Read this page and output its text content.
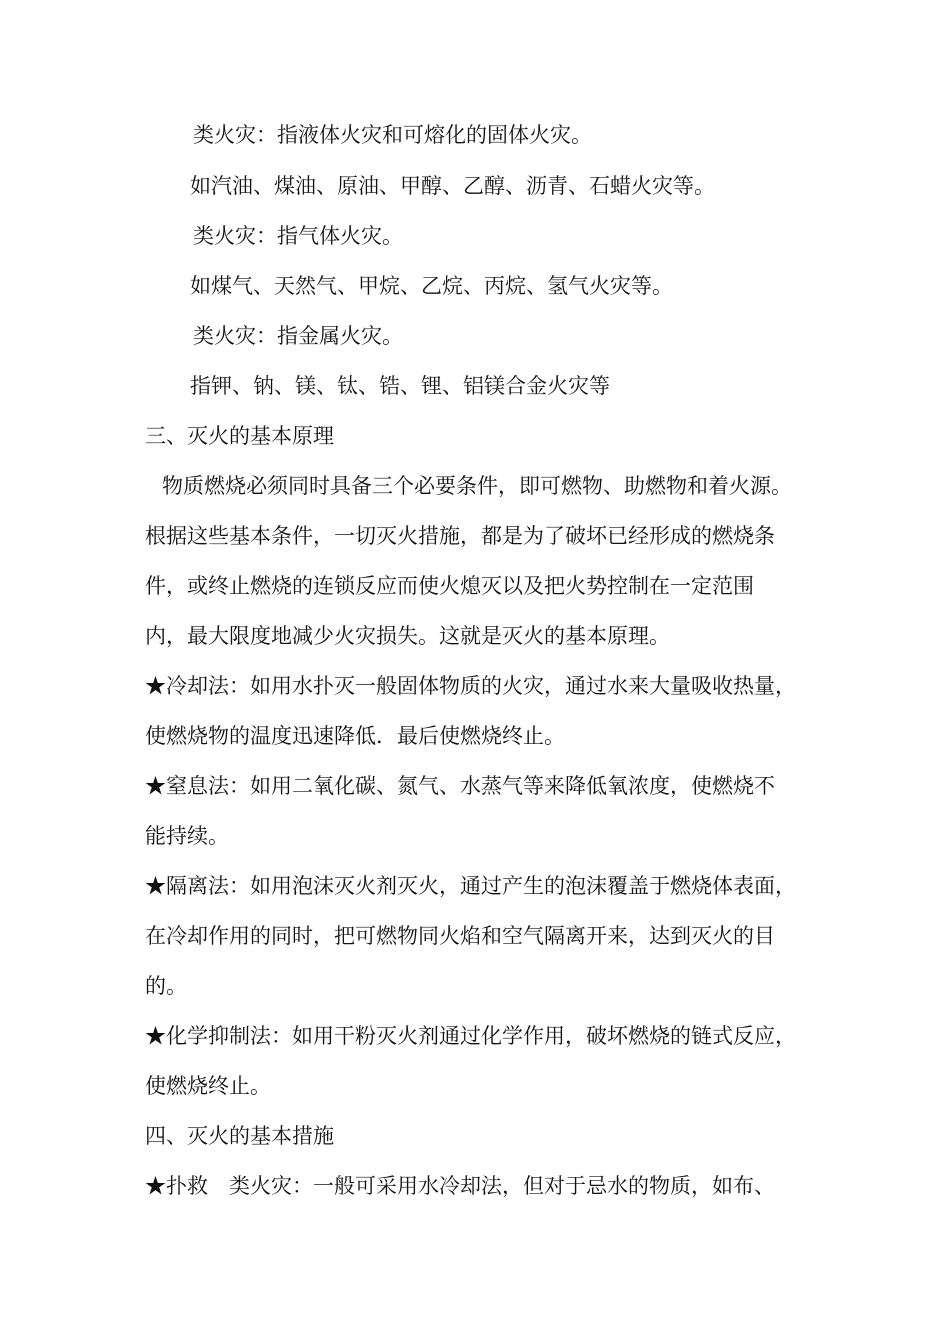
类火灾：指液体火灾和可熔化的固体火灾。
如汽油、煤油、原油、甲醇、乙醇、沥青、石蜡火灾等。
类火灾：指气体火灾。
如煤气、天然气、甲烷、乙烷、丙烷、氢气火灾等。
类火灾：指金属火灾。
指钾、钠、镁、钛、锆、锂、铝镁合金火灾等
三、灭火的基本原理
物质燃烧必须同时具备三个必要条件，即可燃物、助燃物和着火源。
根据这些基本条件，一切灭火措施，都是为了破坏已经形成的燃烧条
件，或终止燃烧的连锁反应而使火熄灭以及把火势控制在一定范围
内，最大限度地减少火灾损失。这就是灭火的基本原理。
★冷却法：如用水扑灭一般固体物质的火灾，通过水来大量吸收热量，
使燃烧物的温度迅速降低．最后使燃烧终止。
★窒息法：如用二氧化碳、氮气、水蒸气等来降低氧浓度，使燃烧不
能持续。
★隔离法：如用泡沫灭火剂灭火，通过产生的泡沫覆盖于燃烧体表面，
在冷却作用的同时，把可燃物同火焰和空气隔离开来，达到灭火的目
的。
★化学抑制法：如用干粉灭火剂通过化学作用，破坏燃烧的链式反应，
使燃烧终止。
四、灭火的基本措施
★扑救　类火灾：一般可采用水冷却法，但对于忌水的物质，如布、
